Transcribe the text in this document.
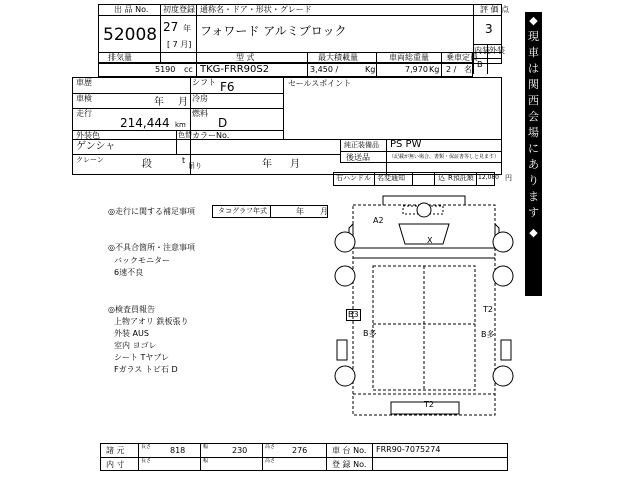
◆
現
車
は
関
西
会
場
に
あ
り
ま
す
◆
出 品 No.
52008
初度登録
27 年
[ 7 月]
通称名・ドア・形状・グレード
フォワード アルミブロック
評 価 点
3
内装 外装
B
排気量	型 式	最大積載量	車両総重量 乗車定員
5190 cc TKG-FRR90S2	3,450 /	Kg	7,970 Kg 2 / 名
車歴	シフト F6	セールスポイント
車検	年 月 冷房
走行
214,444 km
燃料
D
外装色
ゲンシャ
色替 カラーNo.
クレーン	段	t
吊り	年 月
純正装備品 PS PW
後送品	（記載が無い場合、書類・保証書等しと見ます）
右ハンドル 名変通知	込 R預託額 12,080 円
◎走行に関する補足事項	タコグラフ年式	年 月
◎不具合箇所・注意事項
バックモニター
6速不良
◎検査員報告
上物アオリ 鉄板張り
外装 AUS
室内 ヨゴレ
シート Tヤブレ
Fガラス トビ石 D
A2
X
B3
T2
B多	B多
T2
諸 元	長さ 818	幅	230	高さ 276	車 台 No. FRR90-7075274
内 寸	長さ	幅	高さ	登 録 No.
